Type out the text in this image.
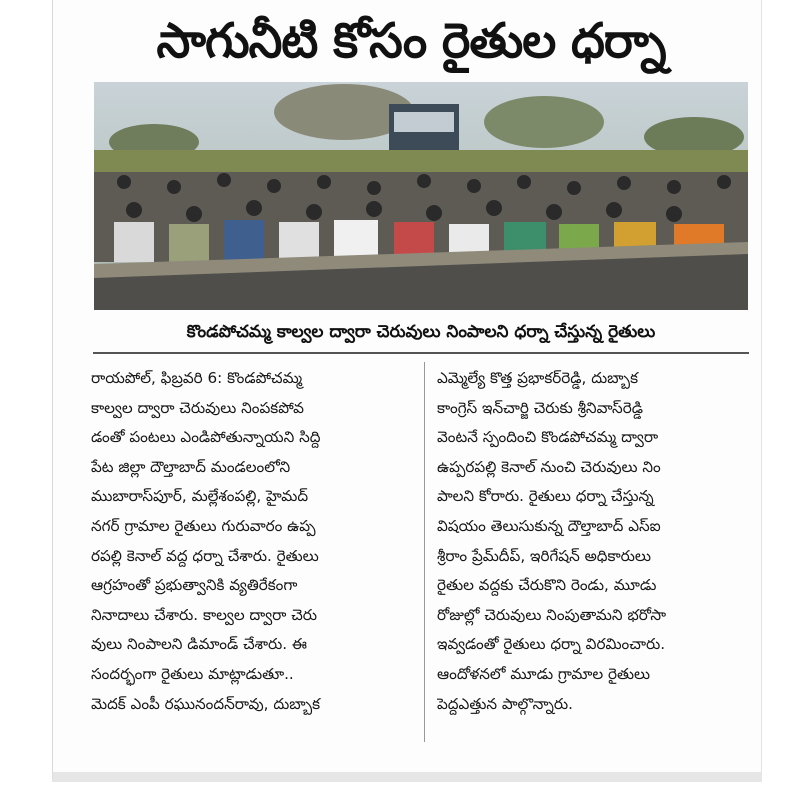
సాగునీటి కోసం రైతుల ధర్నా
కొండపోచమ్మ కాల్వల ద్వారా చెరువులు నింపాలని ధర్నా చేస్తున్న రైతులు
రాయపోల్, ఫిబ్రవరి 6: కొండపోచమ్మ
కాల్వల ద్వారా చెరువులు నింపకపోవ
డంతో పంటలు ఎండిపోతున్నాయని సిద్ది
పేట జిల్లా దౌల్తాబాద్ మండలంలోని
ముబారాస్‌పూర్, మల్లేశంపల్లి, హైమద్
నగర్ గ్రామాల రైతులు గురువారం ఉప్ప
రపల్లి కెనాల్ వద్ద ధర్నా చేశారు. రైతులు
ఆగ్రహంతో ప్రభుత్వానికి వ్యతిరేకంగా
నినాదాలు చేశారు. కాల్వల ద్వారా చెరు
వులు నింపాలని డిమాండ్ చేశారు. ఈ
సందర్భంగా రైతులు మాట్లాడుతూ..
మెదక్ ఎంపీ రఘునందన్‌రావు, దుబ్బాక
ఎమ్మెల్యే కొత్త ప్రభాకర్‌రెడ్డి, దుబ్బాక
కాంగ్రెస్ ఇన్‌చార్జి చెరుకు శ్రీనివాస్‌రెడ్డి
వెంటనే స్పందించి కొండపోచమ్మ ద్వారా
ఉప్పరపల్లి కెనాల్ నుంచి చెరువులు నిం
పాలని కోరారు. రైతులు ధర్నా చేస్తున్న
విషయం తెలుసుకున్న దౌల్తాబాద్ ఎస్ఐ
శ్రీరాం ప్రేమ్‌దీప్, ఇరిగేషన్ అధికారులు
రైతుల వద్దకు చేరుకొని రెండు, మూడు
రోజుల్లో చెరువులు నింపుతామని భరోసా
ఇవ్వడంతో రైతులు ధర్నా విరమించారు.
ఆందోళనలో మూడు గ్రామాల రైతులు
పెద్దఎత్తున పాల్గొన్నారు.
